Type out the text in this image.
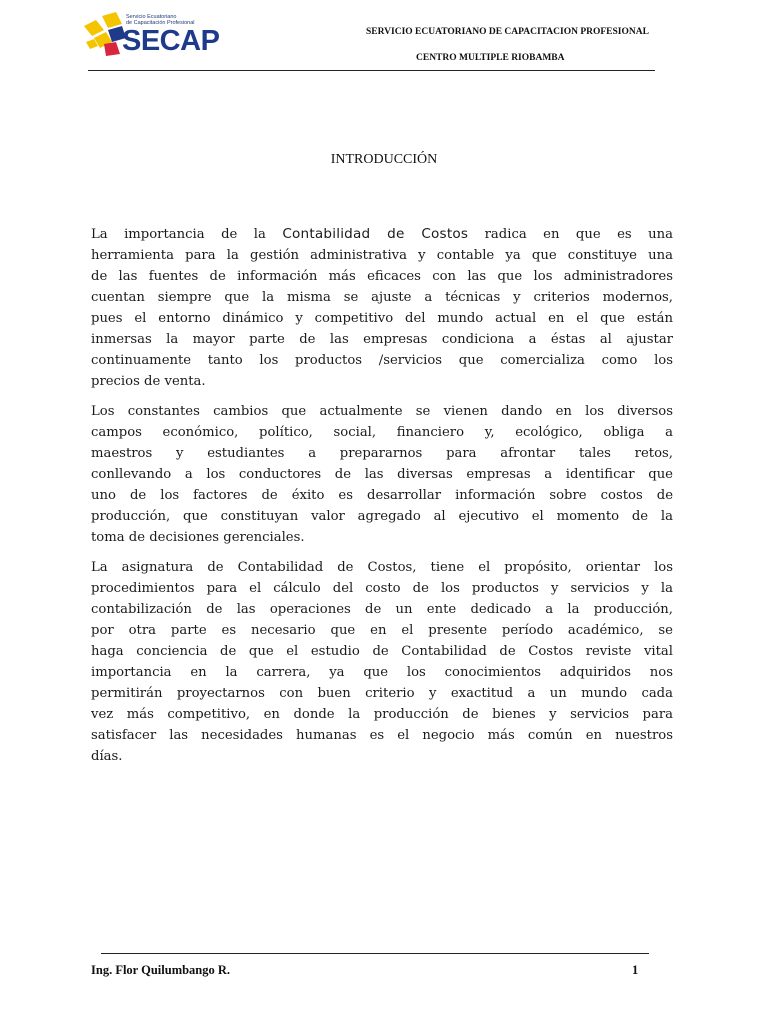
Servicio Ecuatoriano
de Capacitación Profesional
SECAP	SERVICIO ECUATORIANO DE CAPACITACION PROFESIONAL
CENTRO MULTIPLE RIOBAMBA
INTRODUCCIÓN

La importancia de la Contabilidad de Costos radica en que es una
herramienta para la gestión administrativa y contable ya que constituye una
de las fuentes de información más eficaces con las que los administradores
cuentan siempre que la misma se ajuste a técnicas y criterios modernos,
pues el entorno dinámico y competitivo del mundo actual en el que están
inmersas la mayor parte de las empresas condiciona a éstas al ajustar
continuamente tanto los productos /servicios que comercializa como los
precios de venta.

Los constantes cambios que actualmente se vienen dando en los diversos
campos económico, político, social, financiero y, ecológico, obliga a
maestros y estudiantes a prepararnos para afrontar tales retos,
conllevando a los conductores de las diversas empresas a identificar que
uno de los factores de éxito es desarrollar información sobre costos de
producción, que constituyan valor agregado al ejecutivo el momento de la
toma de decisiones gerenciales.

La asignatura de Contabilidad de Costos, tiene el propósito, orientar los
procedimientos para el cálculo del costo de los productos y servicios y la
contabilización de las operaciones de un ente dedicado a la producción,
por otra parte es necesario que en el presente período académico, se
haga conciencia de que el estudio de Contabilidad de Costos reviste vital
importancia en la carrera, ya que los conocimientos adquiridos nos
permitirán proyectarnos con buen criterio y exactitud a un mundo cada
vez más competitivo, en donde la producción de bienes y servicios para
satisfacer las necesidades humanas es el negocio más común en nuestros
días.

Ing. Flor Quilumbango R.	1
